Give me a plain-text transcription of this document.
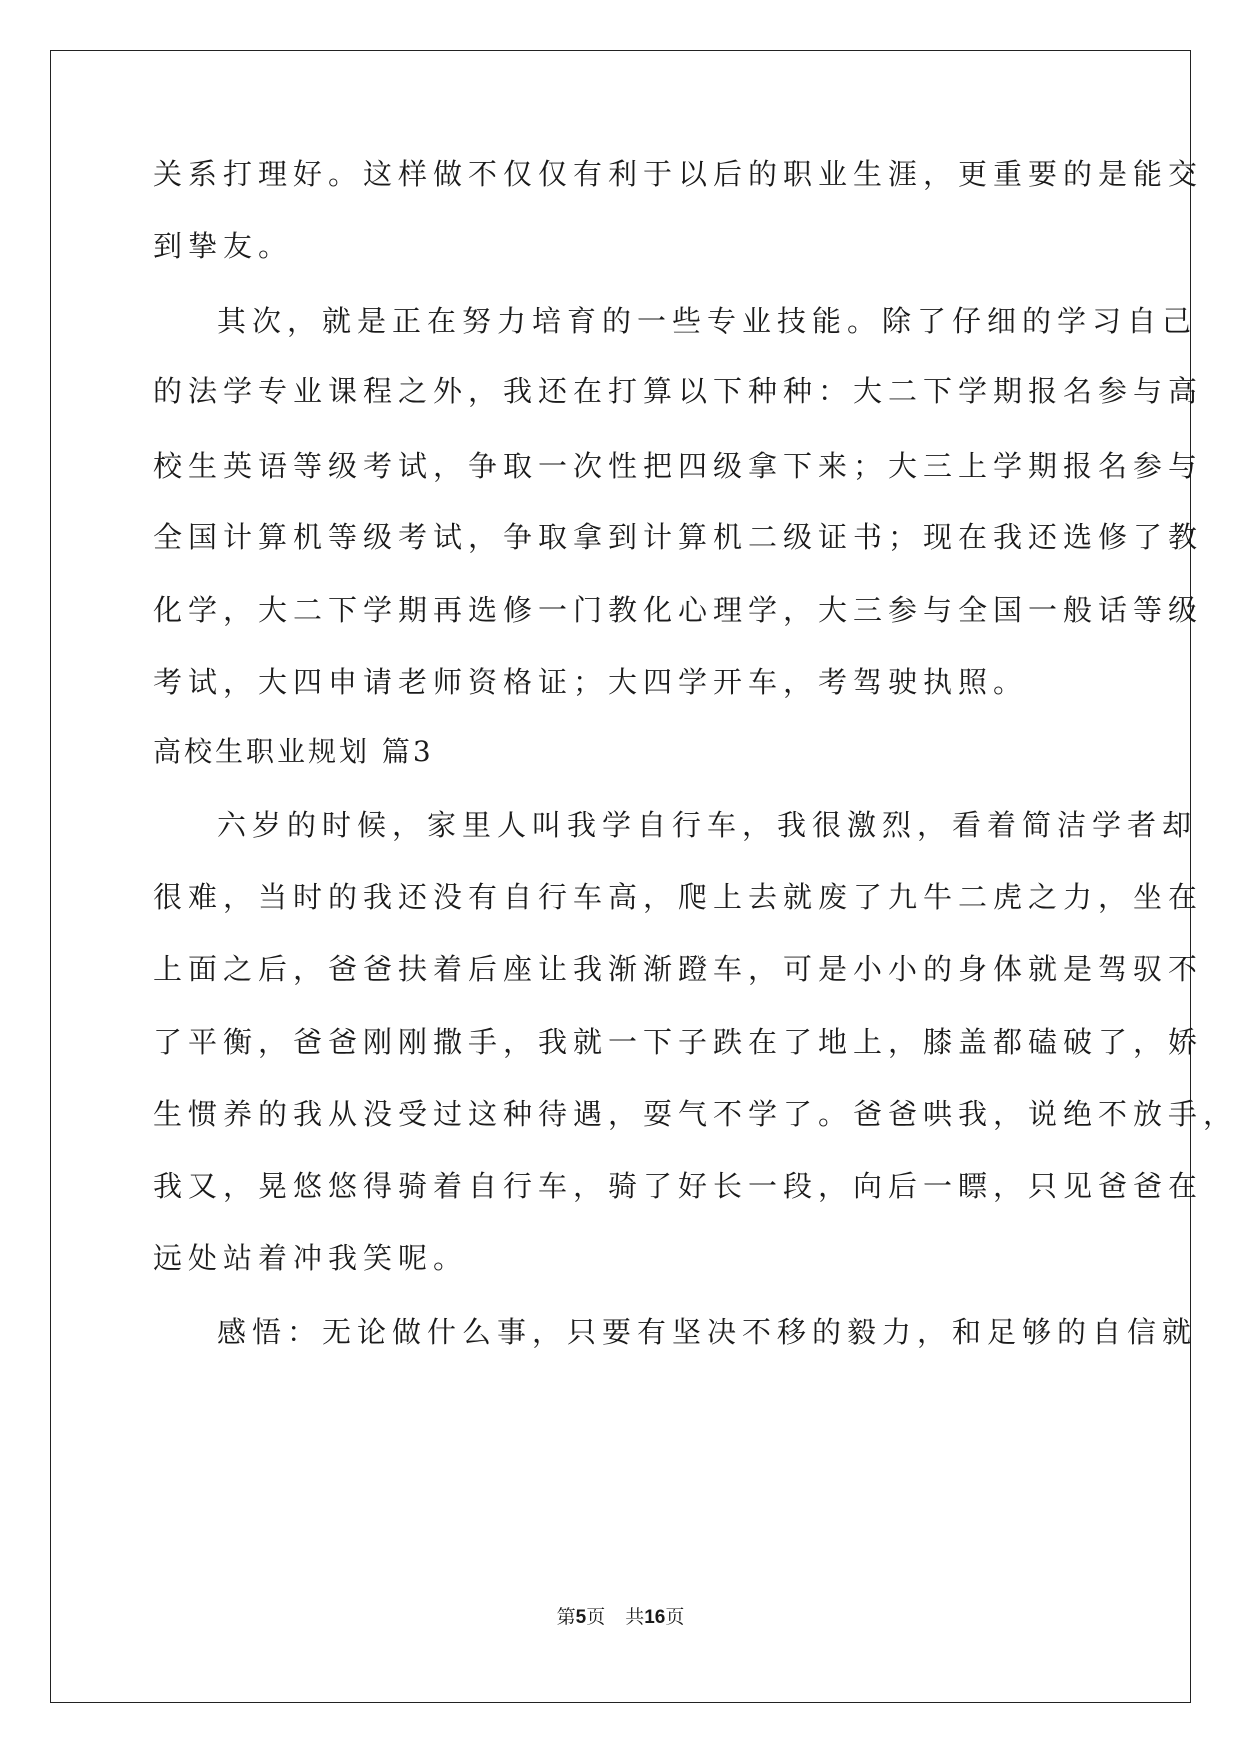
关系打理好。这样做不仅仅有利于以后的职业生涯，更重要的是能交
到挚友。
其次，就是正在努力培育的一些专业技能。除了仔细的学习自己
的法学专业课程之外，我还在打算以下种种：大二下学期报名参与高
校生英语等级考试，争取一次性把四级拿下来；大三上学期报名参与
全国计算机等级考试，争取拿到计算机二级证书；现在我还选修了教
化学，大二下学期再选修一门教化心理学，大三参与全国一般话等级
考试，大四申请老师资格证；大四学开车，考驾驶执照。
高校生职业规划 篇3
六岁的时候，家里人叫我学自行车，我很激烈，看着简洁学者却
很难，当时的我还没有自行车高，爬上去就废了九牛二虎之力，坐在
上面之后，爸爸扶着后座让我渐渐蹬车，可是小小的身体就是驾驭不
了平衡，爸爸刚刚撒手，我就一下子跌在了地上，膝盖都磕破了，娇
生惯养的我从没受过这种待遇，耍气不学了。爸爸哄我，说绝不放手，
我又，晃悠悠得骑着自行车，骑了好长一段，向后一瞟，只见爸爸在
远处站着冲我笑呢。
感悟：无论做什么事，只要有坚决不移的毅力，和足够的自信就
第5页 共16页
